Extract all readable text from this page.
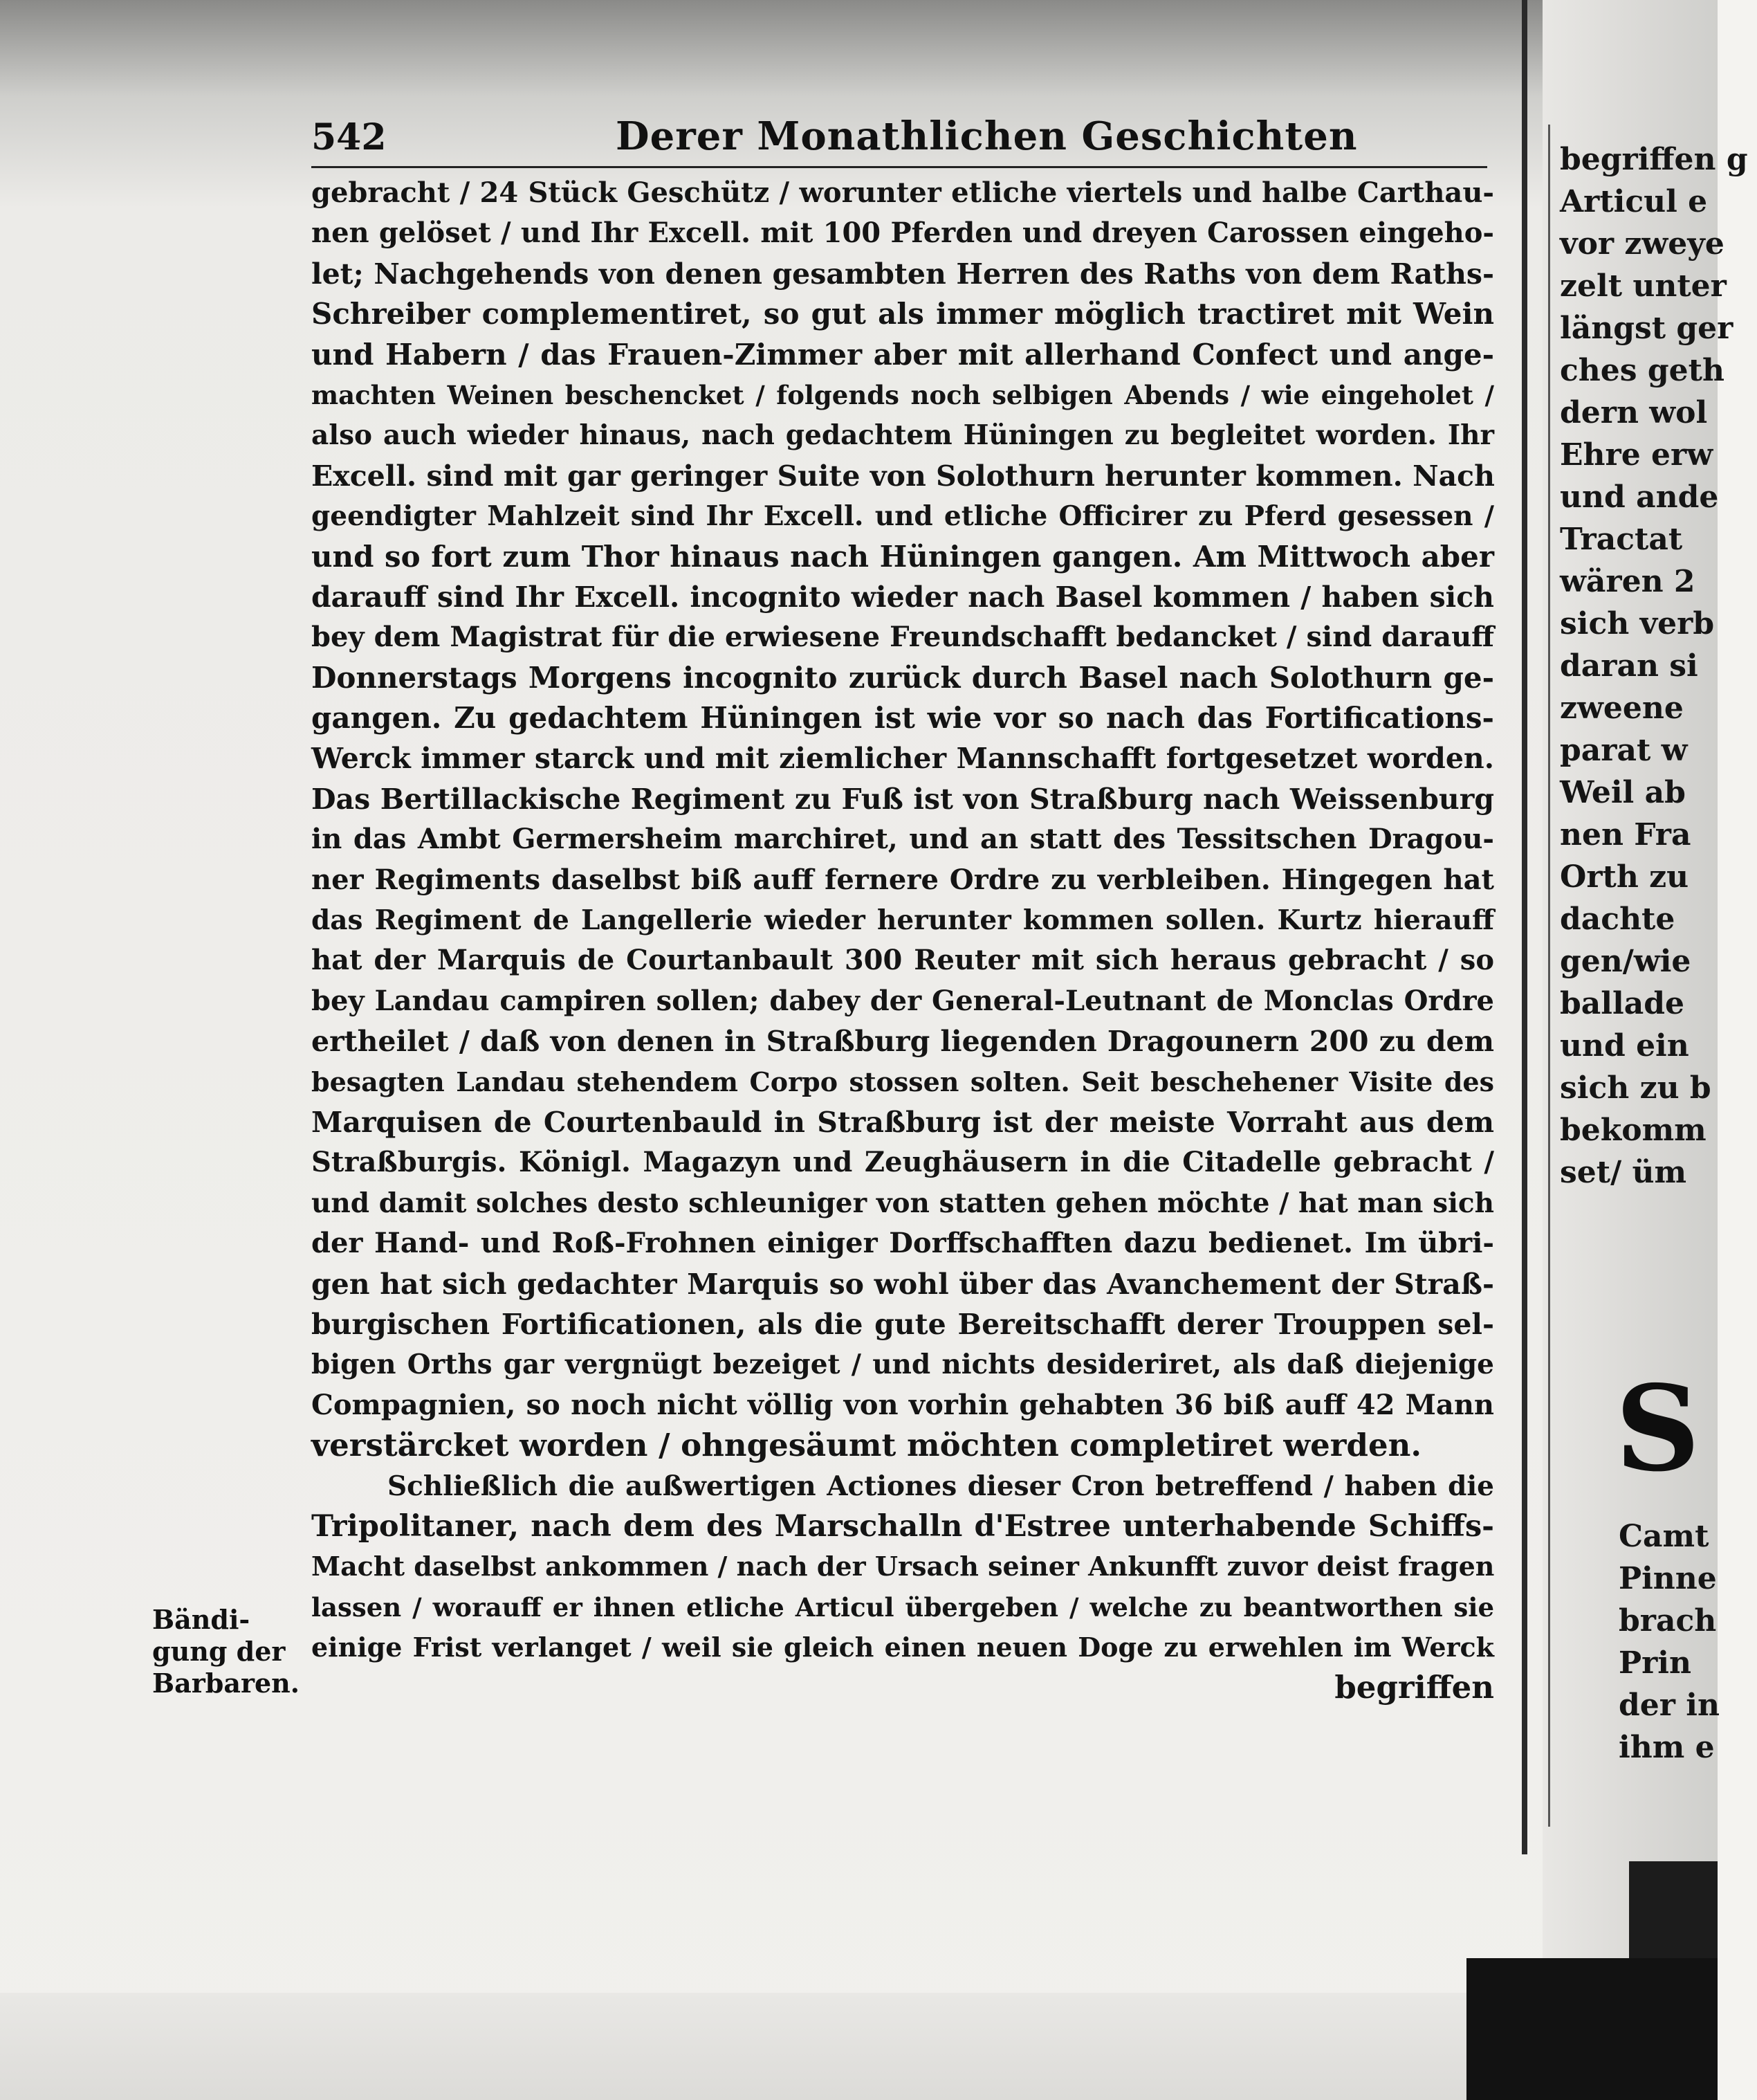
542	Derer Monathlichen Geschichten
gebracht / 24 Stück Geschütz / worunter etliche viertels und halbe Carthau-
nen gelöset / und Ihr Excell. mit 100 Pferden und dreyen Carossen eingeho-
let; Nachgehends von denen gesambten Herren des Raths von dem Raths-
Schreiber complementiret, so gut als immer möglich tractiret mit Wein
und Habern / das Frauen-Zimmer aber mit allerhand Confect und ange-
machten Weinen beschencket / folgends noch selbigen Abends / wie eingeholet /
also auch wieder hinaus, nach gedachtem Hüningen zu begleitet worden. Ihr
Excell. sind mit gar geringer Suite von Solothurn herunter kommen. Nach
geendigter Mahlzeit sind Ihr Excell. und etliche Officirer zu Pferd gesessen /
und so fort zum Thor hinaus nach Hüningen gangen. Am Mittwoch aber
darauff sind Ihr Excell. incognito wieder nach Basel kommen / haben sich
bey dem Magistrat für die erwiesene Freundschafft bedancket / sind darauff
Donnerstags Morgens incognito zurück durch Basel nach Solothurn ge-
gangen. Zu gedachtem Hüningen ist wie vor so nach das Fortifications-
Werck immer starck und mit ziemlicher Mannschafft fortgesetzet worden.
Das Bertillackische Regiment zu Fuß ist von Straßburg nach Weissenburg
in das Ambt Germersheim marchiret, und an statt des Tessitschen Dragou-
ner Regiments daselbst biß auff fernere Ordre zu verbleiben. Hingegen hat
das Regiment de Langellerie wieder herunter kommen sollen. Kurtz hierauff
hat der Marquis de Courtanbault 300 Reuter mit sich heraus gebracht / so
bey Landau campiren sollen; dabey der General-Leutnant de Monclas Ordre
ertheilet / daß von denen in Straßburg liegenden Dragounern 200 zu dem
besagten Landau stehendem Corpo stossen solten. Seit beschehener Visite des
Marquisen de Courtenbauld in Straßburg ist der meiste Vorraht aus dem
Straßburgis. Königl. Magazyn und Zeughäusern in die Citadelle gebracht /
und damit solches desto schleuniger von statten gehen möchte / hat man sich
der Hand- und Roß-Frohnen einiger Dorffschafften dazu bedienet. Im übri-
gen hat sich gedachter Marquis so wohl über das Avanchement der Straß-
burgischen Fortificationen, als die gute Bereitschafft derer Trouppen sel-
bigen Orths gar vergnügt bezeiget / und nichts desideriret, als daß diejenige
Compagnien, so noch nicht völlig von vorhin gehabten 36 biß auff 42 Mann
verstärcket worden / ohngesäumt möchten completiret werden.
Schließlich die außwertigen Actiones dieser Cron betreffend / haben die
Tripolitaner, nach dem des Marschalln d'Estree unterhabende Schiffs-
Macht daselbst ankommen / nach der Ursach seiner Ankunfft zuvor deist fragen
lassen / worauff er ihnen etliche Articul übergeben / welche zu beantworthen sie
einige Frist verlanget / weil sie gleich einen neuen Doge zu erwehlen im Werck
begriffen
Bändi-
gung der
Barbaren.
begriffen g
Articul e
vor zweye
zelt unter
längst ger
ches geth
dern wol
Ehre erw
und ande
Tractat
wären 2
sich verb
daran si
zweene
parat w
Weil ab
nen Fra
Orth zu
dachte
gen/wie
ballade
und ein
sich zu b
bekomm
set/ üm
S
Camt
Pinne
brach
Prin
der in
ihm e
